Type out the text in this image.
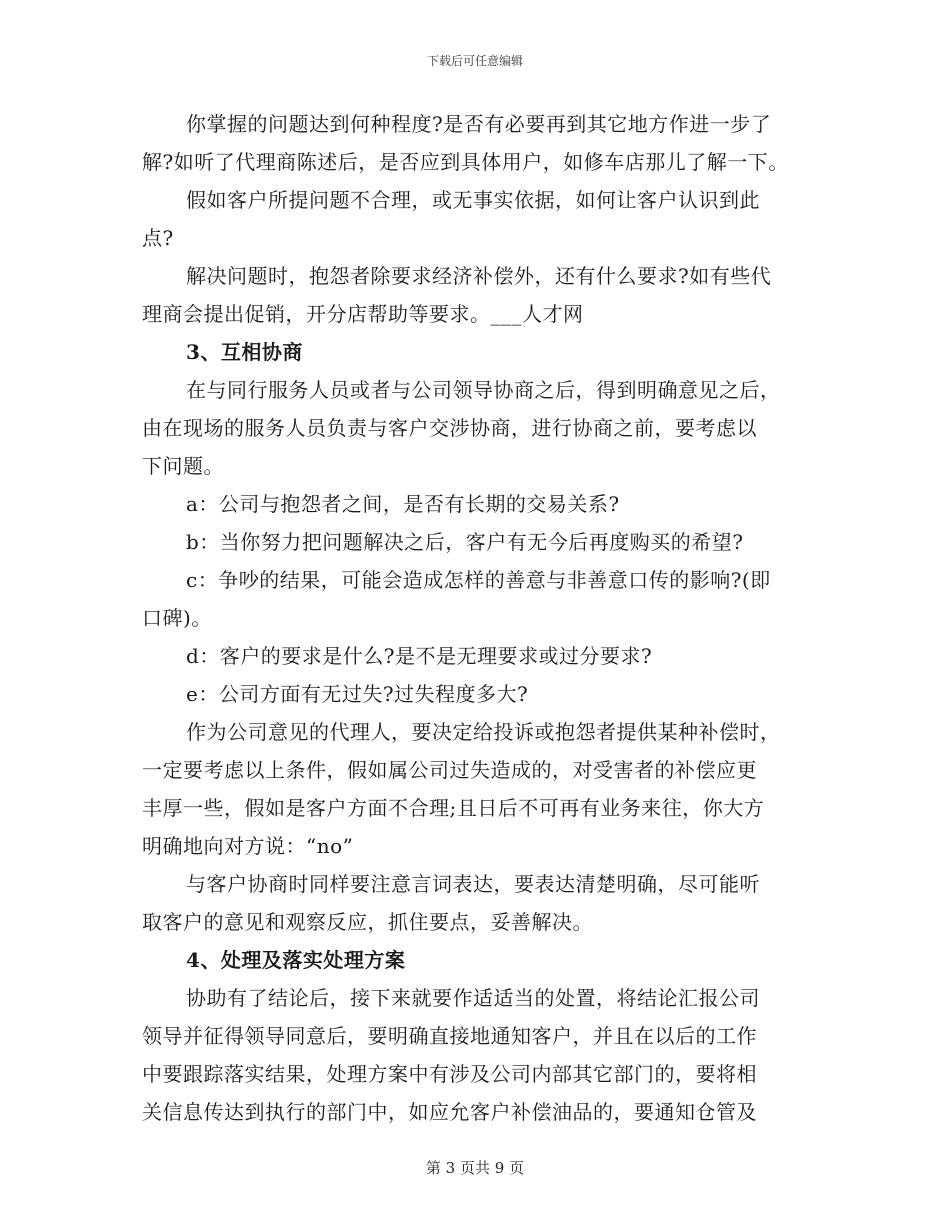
下载后可任意编辑
你掌握的问题达到何种程度?是否有必要再到其它地方作进一步了
解?如听了代理商陈述后，是否应到具体用户，如修车店那儿了解一下。
假如客户所提问题不合理，或无事实依据，如何让客户认识到此
点?
解决问题时，抱怨者除要求经济补偿外，还有什么要求?如有些代
理商会提出促销，开分店帮助等要求。___人才网
3、互相协商
在与同行服务人员或者与公司领导协商之后，得到明确意见之后，
由在现场的服务人员负责与客户交涉协商，进行协商之前，要考虑以
下问题。
a：公司与抱怨者之间，是否有长期的交易关系?
b：当你努力把问题解决之后，客户有无今后再度购买的希望?
c：争吵的结果，可能会造成怎样的善意与非善意口传的影响?(即
口碑)。
d：客户的要求是什么?是不是无理要求或过分要求?
e：公司方面有无过失?过失程度多大?
作为公司意见的代理人，要决定给投诉或抱怨者提供某种补偿时，
一定要考虑以上条件，假如属公司过失造成的，对受害者的补偿应更
丰厚一些，假如是客户方面不合理;且日后不可再有业务来往，你大方
明确地向对方说：“no”
与客户协商时同样要注意言词表达，要表达清楚明确，尽可能听
取客户的意见和观察反应，抓住要点，妥善解决。
4、处理及落实处理方案
协助有了结论后，接下来就要作适适当的处置，将结论汇报公司
领导并征得领导同意后，要明确直接地通知客户，并且在以后的工作
中要跟踪落实结果，处理方案中有涉及公司内部其它部门的，要将相
关信息传达到执行的部门中，如应允客户补偿油品的，要通知仓管及
第 3 页共 9 页
